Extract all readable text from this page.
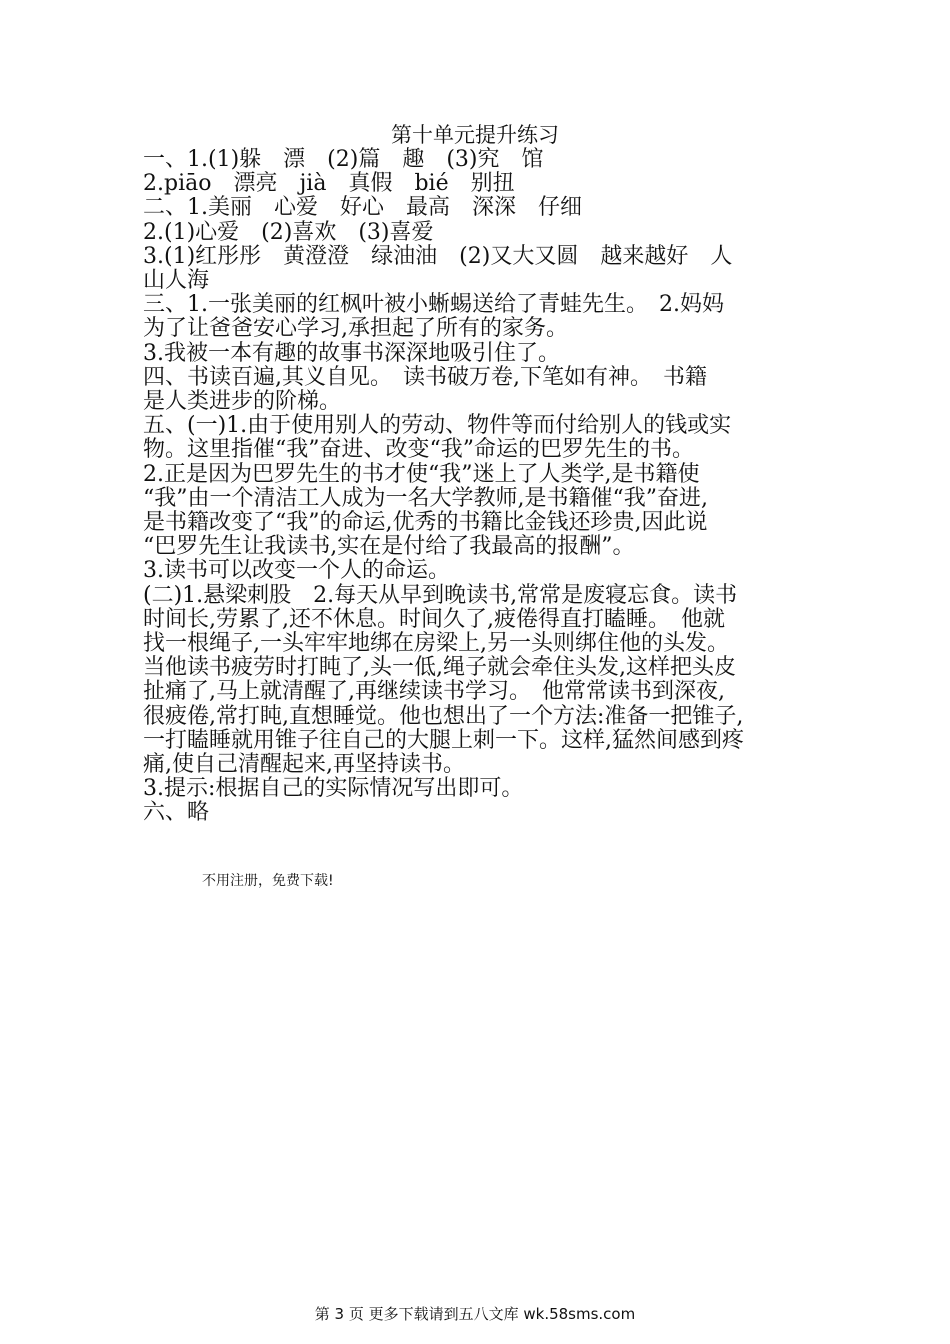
第十单元提升练习
一、1.(1)躲　漂　(2)篇　趣　(3)究　馆
2.piāo　漂亮　jià　真假　bié　别扭
二、1.美丽　心爱　好心　最高　深深　仔细
2.(1)心爱　(2)喜欢　(3)喜爱
3.(1)红彤彤　黄澄澄　绿油油　(2)又大又圆　越来越好　人
山人海
三、1.一张美丽的红枫叶被小蜥蜴送给了青蛙先生。　2.妈妈
为了让爸爸安心学习,承担起了所有的家务。
3.我被一本有趣的故事书深深地吸引住了。
四、书读百遍,其义自见。　读书破万卷,下笔如有神。　书籍
是人类进步的阶梯。
五、(一)1.由于使用别人的劳动、物件等而付给别人的钱或实
物。这里指催“我”奋进、改变“我”命运的巴罗先生的书。
2.正是因为巴罗先生的书才使“我”迷上了人类学,是书籍使
“我”由一个清洁工人成为一名大学教师,是书籍催“我”奋进,
是书籍改变了“我”的命运,优秀的书籍比金钱还珍贵,因此说
“巴罗先生让我读书,实在是付给了我最高的报酬”。
3.读书可以改变一个人的命运。
(二)1.悬梁刺股　2.每天从早到晚读书,常常是废寝忘食。读书
时间长,劳累了,还不休息。时间久了,疲倦得直打瞌睡。　他就
找一根绳子,一头牢牢地绑在房梁上,另一头则绑住他的头发。
当他读书疲劳时打盹了,头一低,绳子就会牵住头发,这样把头皮
扯痛了,马上就清醒了,再继续读书学习。　他常常读书到深夜,
很疲倦,常打盹,直想睡觉。他也想出了一个方法:准备一把锥子,
一打瞌睡就用锥子往自己的大腿上刺一下。这样,猛然间感到疼
痛,使自己清醒起来,再坚持读书。
3.提示:根据自己的实际情况写出即可。
六、略
不用注册，免费下载!
第 3 页 更多下载请到五八文库 wk.58sms.com
